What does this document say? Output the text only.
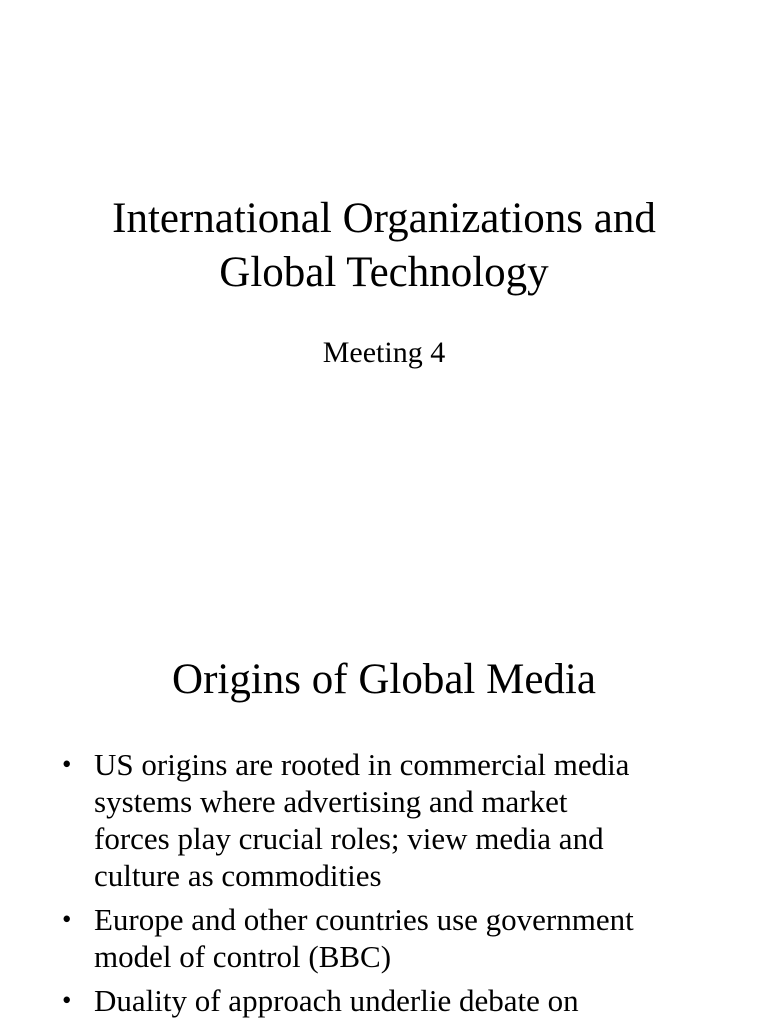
International Organizations and
Global Technology
Meeting 4
Origins of Global Media
• US origins are rooted in commercial media
systems where advertising and market
forces play crucial roles; view media and
culture as commodities
• Europe and other countries use government
model of control (BBC)
• Duality of approach underlie debate on
